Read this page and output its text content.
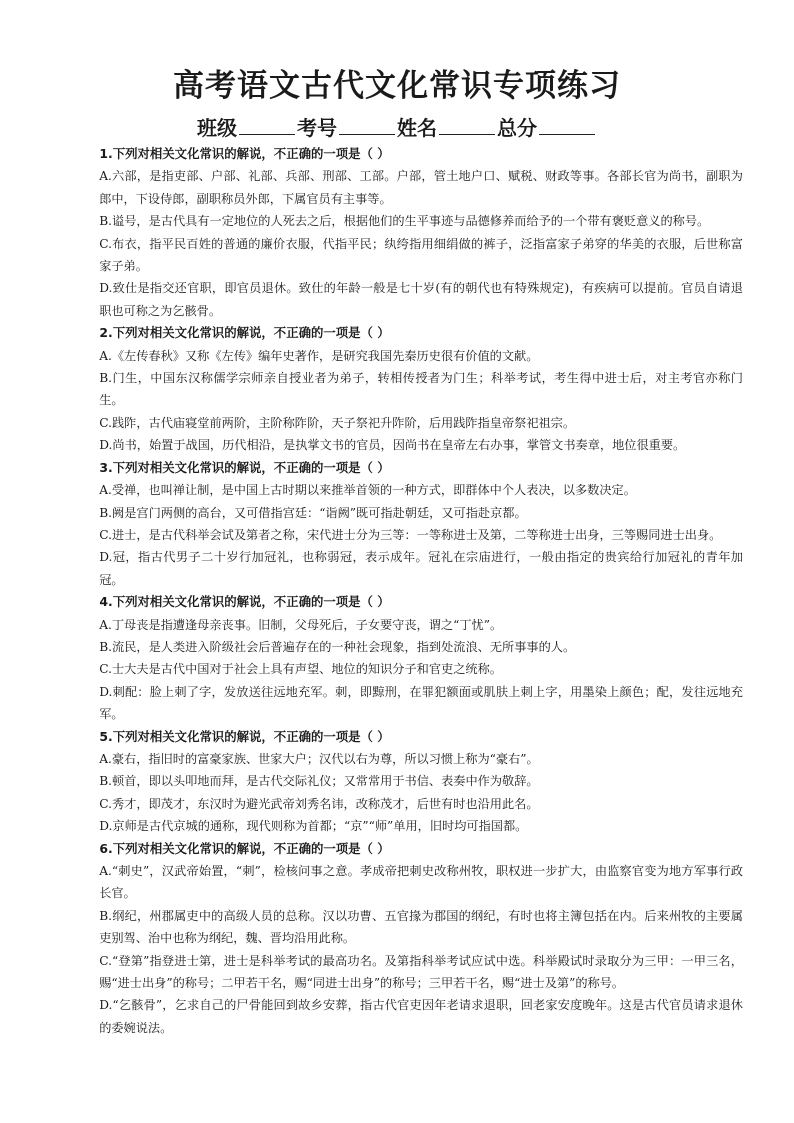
高考语文古代文化常识专项练习
班级	考号	姓名	总分
1.下列对相关文化常识的解说，不正确的一项是（ ）
A.六部，是指吏部、户部、礼部、兵部、刑部、工部。户部，管土地户口、赋税、财政等事。各部长官为尚书，副职为郎中，下设侍郎，副职称员外郎，下属官员有主事等。
B.谥号，是古代具有一定地位的人死去之后，根据他们的生平事迹与品德修养而给予的一个带有褒贬意义的称号。
C.布衣，指平民百姓的普通的廉价衣服，代指平民；纨绔指用细绢做的裤子，泛指富家子弟穿的华美的衣服，后世称富家子弟。
D.致仕是指交还官职，即官员退休。致仕的年龄一般是七十岁(有的朝代也有特殊规定)，有疾病可以提前。官员自请退职也可称之为乞骸骨。
2.下列对相关文化常识的解说，不正确的一项是（ ）
A.《左传春秋》又称《左传》编年史著作，是研究我国先秦历史很有价值的文献。
B.门生，中国东汉称儒学宗师亲自授业者为弟子，转相传授者为门生；科举考试，考生得中进士后，对主考官亦称门生。
C.践阼，古代庙寝堂前两阶，主阶称阼阶，天子祭祀升阼阶，后用践阼指皇帝祭祀祖宗。
D.尚书，始置于战国，历代相沿，是执掌文书的官员，因尚书在皇帝左右办事，掌管文书奏章，地位很重要。
3.下列对相关文化常识的解说，不正确的一项是（ ）
A.受禅，也叫禅让制，是中国上古时期以来推举首领的一种方式，即群体中个人表决，以多数决定。
B.阙是宫门两侧的高台，又可借指宫廷：“诣阙”既可指赴朝廷，又可指赴京都。
C.进士，是古代科举会试及第者之称，宋代进士分为三等：一等称进士及第，二等称进士出身，三等赐同进士出身。
D.冠，指古代男子二十岁行加冠礼，也称弱冠，表示成年。冠礼在宗庙进行，一般由指定的贵宾给行加冠礼的青年加冠。
4.下列对相关文化常识的解说，不正确的一项是（ ）
A.丁母丧是指遭逢母亲丧事。旧制，父母死后，子女要守丧，谓之“丁忧”。
B.流民，是人类进入阶级社会后普遍存在的一种社会现象，指到处流浪、无所事事的人。
C.士大夫是古代中国对于社会上具有声望、地位的知识分子和官吏之统称。
D.刺配：脸上刺了字，发放送往远地充军。刺，即黥刑，在罪犯额面或肌肤上刺上字，用墨染上颜色；配，发往远地充军。
5.下列对相关文化常识的解说，不正确的一项是（ ）
A.豪右，指旧时的富豪家族、世家大户；汉代以右为尊，所以习惯上称为“豪右”。
B.顿首，即以头叩地而拜，是古代交际礼仪；又常常用于书信、表奏中作为敬辞。
C.秀才，即茂才，东汉时为避光武帝刘秀名讳，改称茂才，后世有时也沿用此名。
D.京师是古代京城的通称，现代则称为首都；“京”“师”单用，旧时均可指国都。
6.下列对相关文化常识的解说，不正确的一项是（ ）
A.“刺史”，汉武帝始置，“刺”，检核问事之意。孝成帝把刺史改称州牧，职权进一步扩大，由监察官变为地方军事行政长官。
B.纲纪，州郡属吏中的高级人员的总称。汉以功曹、五官掾为郡国的纲纪，有时也将主簿包括在内。后来州牧的主要属吏别驾、治中也称为纲纪，魏、晋均沿用此称。
C.“登第”指登进士第，进士是科举考试的最高功名。及第指科举考试应试中选。科举殿试时录取分为三甲：一甲三名，赐“进士出身”的称号；二甲若干名，赐“同进士出身”的称号；三甲若干名，赐“进士及第”的称号。
D.“乞骸骨”，乞求自己的尸骨能回到故乡安葬，指古代官吏因年老请求退职，回老家安度晚年。这是古代官员请求退休的委婉说法。
